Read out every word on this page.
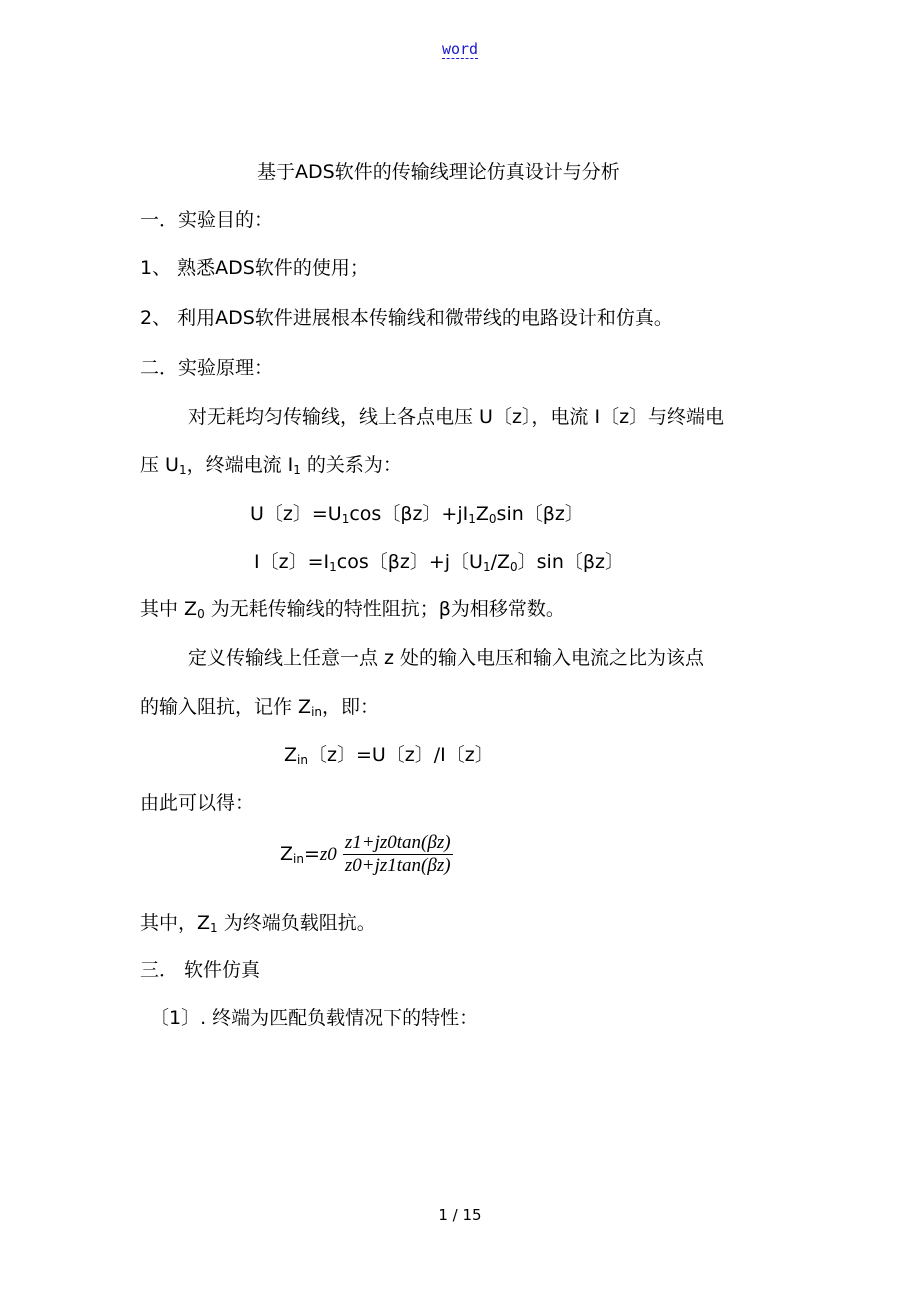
word
基于ADS软件的传输线理论仿真设计与分析
一．实验目的：
1、 熟悉ADS软件的使用；
2、 利用ADS软件进展根本传输线和微带线的电路设计和仿真。
二．实验原理：
对无耗均匀传输线，线上各点电压 U〔z〕，电流 I〔z〕与终端电
压 $U_1$，终端电流 $I_1$ 的关系为：
U〔z〕$=U_1\cos$〔βz〕$+jI_1Z_0\sin$〔βz〕
I〔z〕$=I_1\cos$〔βz〕+j〔$U_1/Z_0$〕sin〔βz〕
其中 $Z_0$ 为无耗传输线的特性阻抗；β为相移常数。
定义传输线上任意一点 z 处的输入电压和输入电流之比为该点
的输入阻抗，记作 $Z_{in}$，即：
$Z_{in}$〔z〕=U〔z〕/I〔z〕
由此可以得：
$Z_{in}=z0 \frac{z1+jz0\tan(\beta z)}{z0+jz1\tan(\beta z)}$
其中，$Z_1$ 为终端负载阻抗。
三． 软件仿真
〔1〕. 终端为匹配负载情况下的特性：
1 / 15
